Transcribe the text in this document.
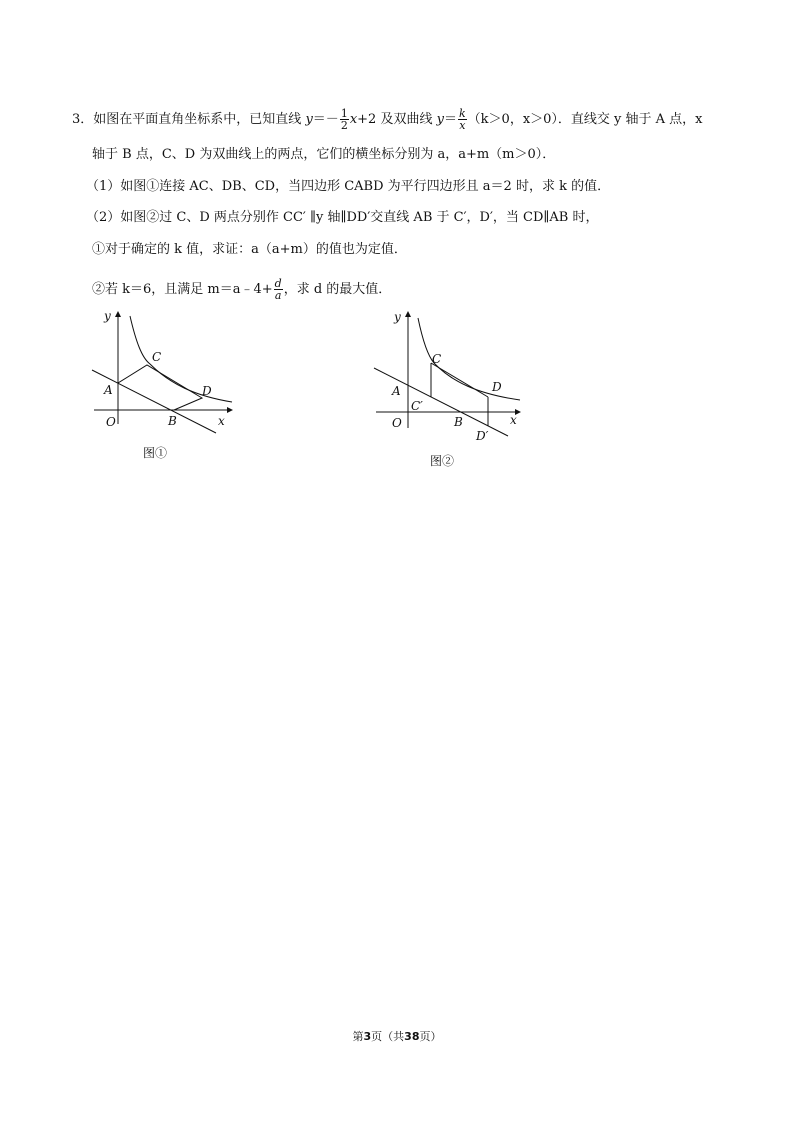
3．如图在平面直角坐标系中，已知直线 $y=- \frac{1}{2} x+2$ 及双曲线 $y= \frac{k}{x} (k>0$，x＞0）．直线交 y 轴于 A 点，x
轴于 B 点，C、D 为双曲线上的两点，它们的横坐标分别为 a，a+m（m＞0）．
（1）如图①连接 AC、DB、CD，当四边形 CABD 为平行四边形且 a＝2 时，求 k 的值．
（2）如图②过 C、D 两点分别作 CC′ ∥y 轴∥DD′交直线 AB 于 C′，D′，当 CD∥AB 时，
①对于确定的 k 值，求证：a（a+m）的值也为定值．
②若 k＝6，且满足 m＝a﹣4+ $\frac{d}{a}$ ，求 d 的最大值．
y
x
O
A
B
C
D
图①
y
x
O
A
B
C
D
C′
D′
图②
第3页（共38页）
